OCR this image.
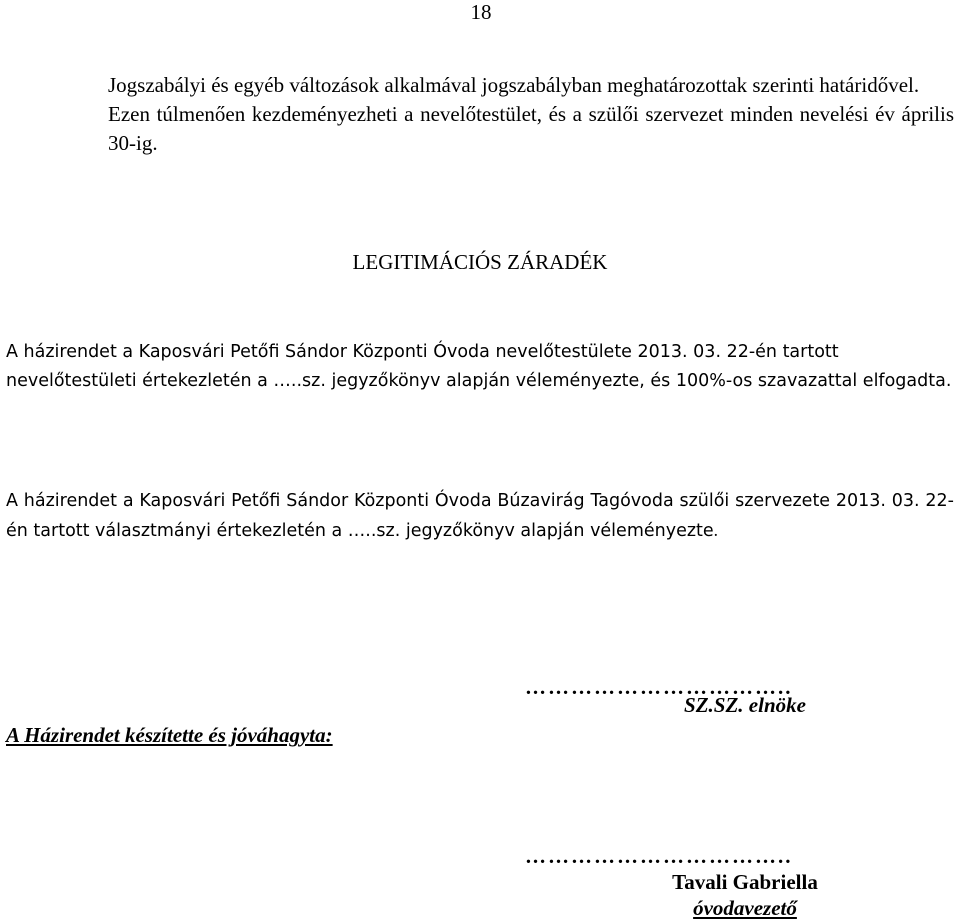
18

Jogszabályi és egyéb változások alkalmával jogszabályban meghatározottak szerinti határidővel.

Ezen túlmenően kezdeményezheti a nevelőtestület, és a szülői szervezet minden nevelési év április 30-ig.

LEGITIMÁCIÓS ZÁRADÉK

A házirendet a Kaposvári Petőfi Sándor Központi Óvoda nevelőtestülete 2013. 03. 22-én tartott nevelőtestületi értekezletén a …..sz. jegyzőkönyv alapján véleményezte, és 100%-os szavazattal elfogadta.

A házirendet a Kaposvári Petőfi Sándor Központi Óvoda Búzavirág Tagóvoda szülői szervezete 2013. 03. 22-én tartott választmányi értekezletén a …..sz. jegyzőkönyv alapján véleményezte.

A Házirendet készítette és jóváhagyta:
……………………………..
SZ.SZ. elnöke
……………………………..
Tavali Gabriella
óvodavezető
